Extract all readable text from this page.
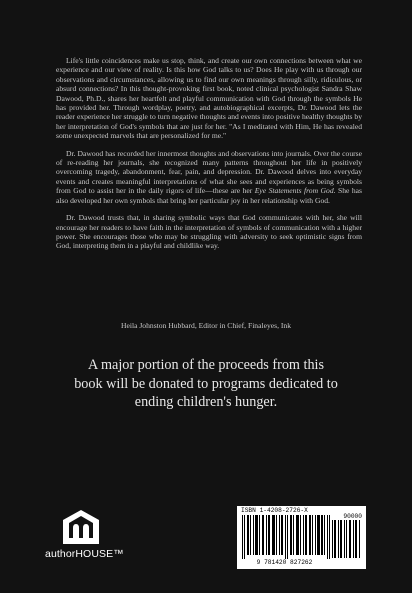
Life's little coincidences make us stop, think, and create our own connections between what we experience and our view of reality. Is this how God talks to us? Does He play with us through our observations and circumstances, allowing us to find our own meanings through silly, ridiculous, or absurd connections? In this thought-provoking first book, noted clinical psychologist Sandra Shaw Dawood, Ph.D., shares her heartfelt and playful communication with God through the symbols He has provided her. Through wordplay, poetry, and autobiographical excerpts, Dr. Dawood lets the reader experience her struggle to turn negative thoughts and events into positive healthy thoughts by her interpretation of God's symbols that are just for her. "As I meditated with Him, He has revealed some unexpected marvels that are personalized for me."

Dr. Dawood has recorded her innermost thoughts and observations into journals. Over the course of re-reading her journals, she recognized many patterns throughout her life in positively overcoming tragedy, abandonment, fear, pain, and depression. Dr. Dawood delves into everyday events and creates meaningful interpretations of what she sees and experiences as being symbols from God to assist her in the daily rigors of life—these are her Eye Statements from God. She has also developed her own symbols that bring her particular joy in her relationship with God.

Dr. Dawood trusts that, in sharing symbolic ways that God communicates with her, she will encourage her readers to have faith in the interpretation of symbols of communication with a higher power. She encourages those who may be struggling with adversity to seek optimistic signs from God, interpreting them in a playful and childlike way.

Heila Johnston Hubbard, Editor in Chief, Finaleyes, Ink
A major portion of the proceeds from this
book will be donated to programs dedicated to
ending children's hunger.
authorHOUSE™
ISBN 1-4208-2726-X
90000
9 781420 827262
